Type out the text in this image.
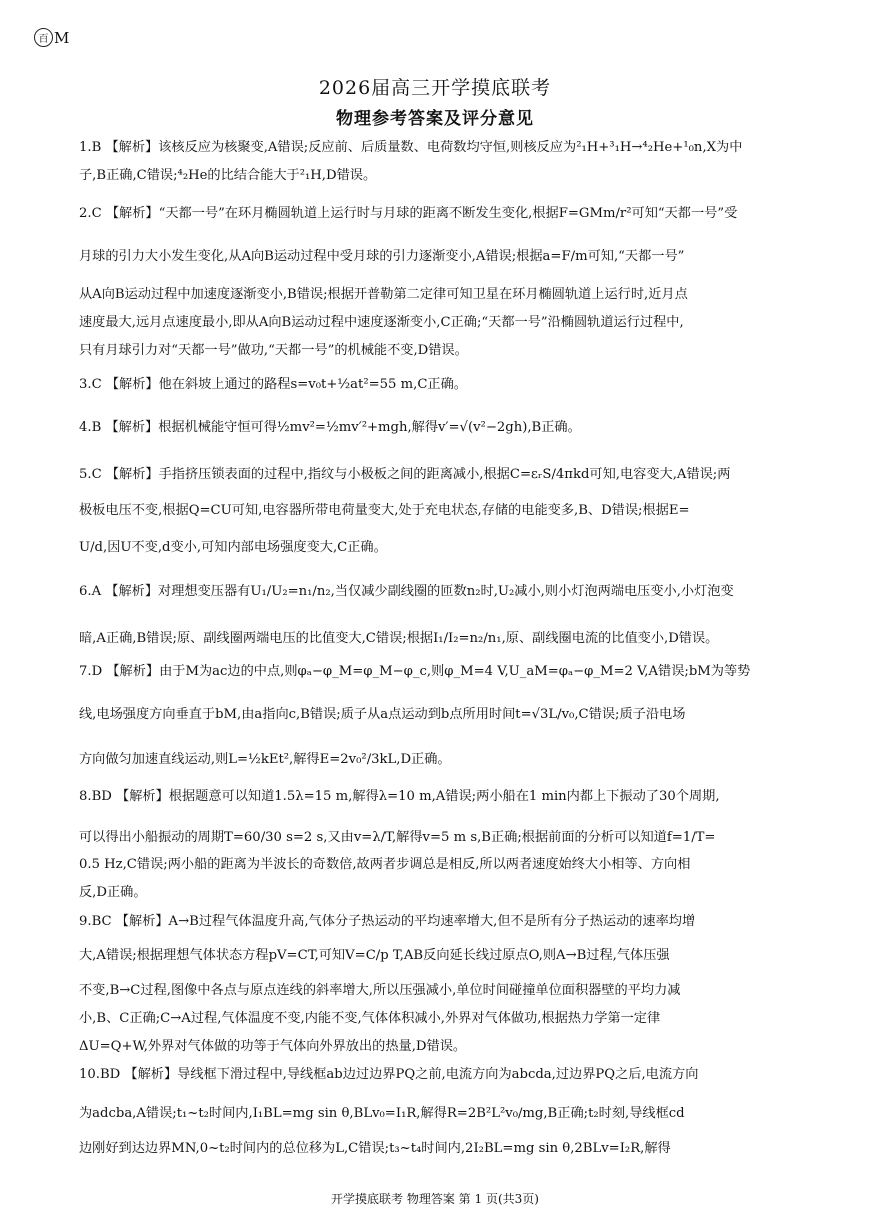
百 M
2026届高三开学摸底联考
物理参考答案及评分意见
1.B 【解析】该核反应为核聚变,A错误;反应前、后质量数、电荷数均守恒,则核反应为²₁H+³₁H→⁴₂He+¹₀n,X为中
子,B正确,C错误;⁴₂He的比结合能大于²₁H,D错误。
2.C 【解析】“天都一号”在环月椭圆轨道上运行时与月球的距离不断发生变化,根据F=GMm/r²可知“天都一号”受
月球的引力大小发生变化,从A向B运动过程中受月球的引力逐渐变小,A错误;根据a=F/m可知,“天都一号”
从A向B运动过程中加速度逐渐变小,B错误;根据开普勒第二定律可知卫星在环月椭圆轨道上运行时,近月点
速度最大,远月点速度最小,即从A向B运动过程中速度逐渐变小,C正确;“天都一号”沿椭圆轨道运行过程中,
只有月球引力对“天都一号”做功,“天都一号”的机械能不变,D错误。
3.C 【解析】他在斜坡上通过的路程s=v₀t+½at²=55 m,C正确。
4.B 【解析】根据机械能守恒可得½mv²=½mv′²+mgh,解得v′=√(v²−2gh),B正确。
5.C 【解析】手指挤压锁表面的过程中,指纹与小极板之间的距离减小,根据C=εᵣS/4πkd可知,电容变大,A错误;两
极板电压不变,根据Q=CU可知,电容器所带电荷量变大,处于充电状态,存储的电能变多,B、D错误;根据E=
U/d,因U不变,d变小,可知内部电场强度变大,C正确。
6.A 【解析】对理想变压器有U₁/U₂=n₁/n₂,当仅减少副线圈的匝数n₂时,U₂减小,则小灯泡两端电压变小,小灯泡变
暗,A正确,B错误;原、副线圈两端电压的比值变大,C错误;根据I₁/I₂=n₂/n₁,原、副线圈电流的比值变小,D错误。
7.D 【解析】由于M为ac边的中点,则φₐ−φ_M=φ_M−φ_c,则φ_M=4 V,U_aM=φₐ−φ_M=2 V,A错误;bM为等势
线,电场强度方向垂直于bM,由a指向c,B错误;质子从a点运动到b点所用时间t=√3L/v₀,C错误;质子沿电场
方向做匀加速直线运动,则L=½kEt²,解得E=2v₀²/3kL,D正确。
8.BD 【解析】根据题意可以知道1.5λ=15 m,解得λ=10 m,A错误;两小船在1 min内都上下振动了30个周期,
可以得出小船振动的周期T=60/30 s=2 s,又由v=λ/T,解得v=5 m s,B正确;根据前面的分析可以知道f=1/T=
0.5 Hz,C错误;两小船的距离为半波长的奇数倍,故两者步调总是相反,所以两者速度始终大小相等、方向相
反,D正确。
9.BC 【解析】A→B过程气体温度升高,气体分子热运动的平均速率增大,但不是所有分子热运动的速率均增
大,A错误;根据理想气体状态方程pV=CT,可知V=C/p T,AB反向延长线过原点O,则A→B过程,气体压强
不变,B→C过程,图像中各点与原点连线的斜率增大,所以压强减小,单位时间碰撞单位面积器壁的平均力减
小,B、C正确;C→A过程,气体温度不变,内能不变,气体体积减小,外界对气体做功,根据热力学第一定律
ΔU=Q+W,外界对气体做的功等于气体向外界放出的热量,D错误。
10.BD 【解析】导线框下滑过程中,导线框ab边过边界PQ之前,电流方向为abcda,过边界PQ之后,电流方向
为adcba,A错误;t₁~t₂时间内,I₁BL=mg sin θ,BLv₀=I₁R,解得R=2B²L²v₀/mg,B正确;t₂时刻,导线框cd
边刚好到达边界MN,0~t₂时间内的总位移为L,C错误;t₃~t₄时间内,2I₂BL=mg sin θ,2BLv=I₂R,解得
开学摸底联考 物理答案 第 1 页(共3页)
